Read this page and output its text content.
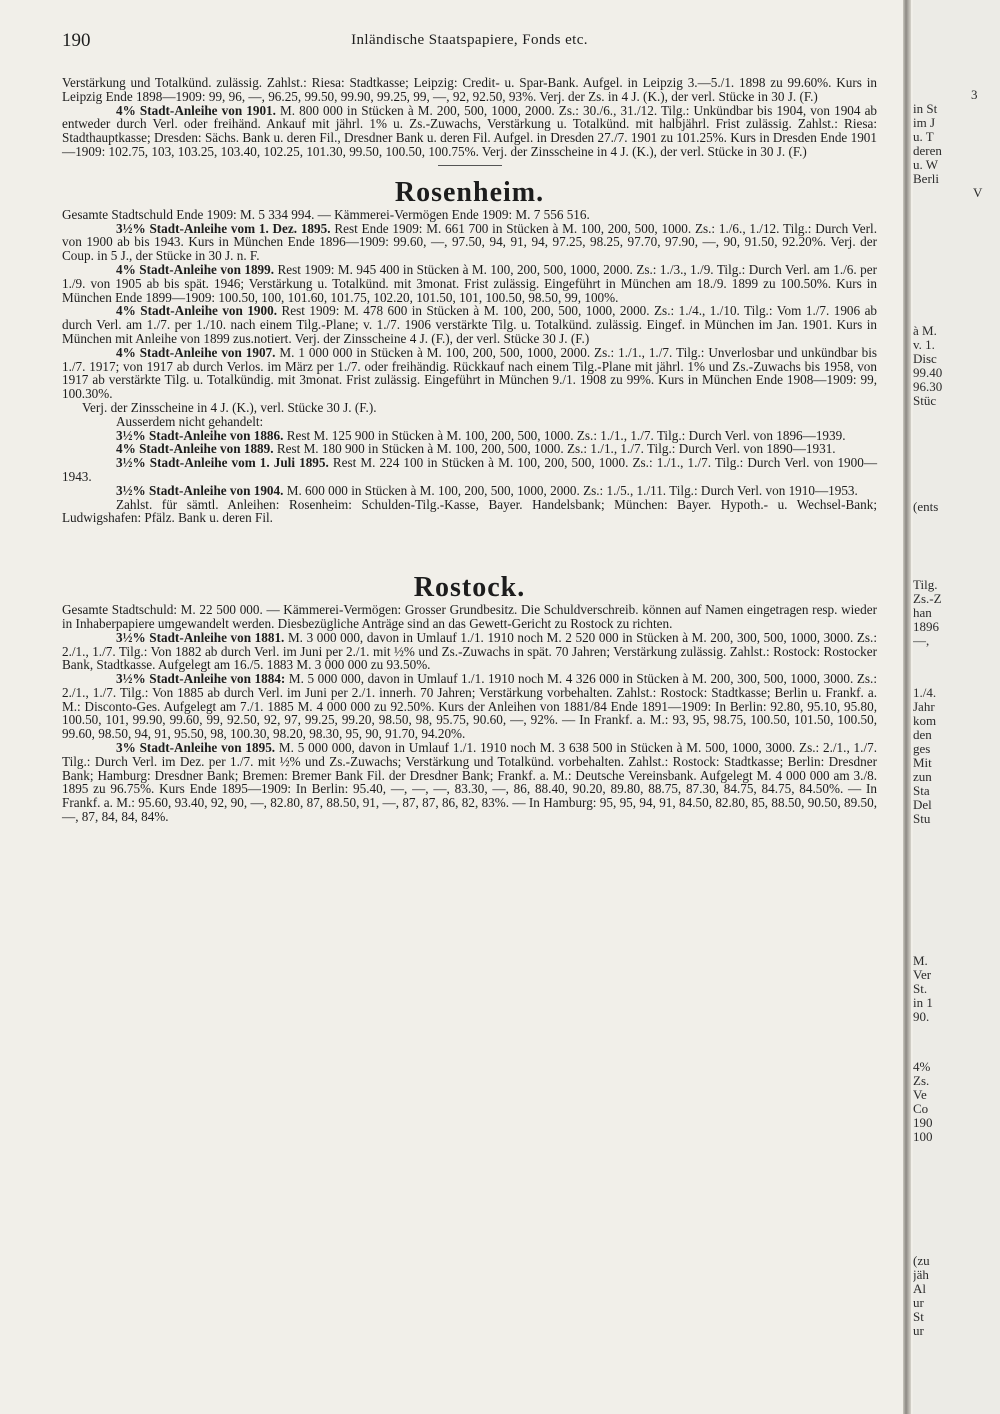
190	Inländische Staatspapiere, Fonds etc.

Verstärkung und Totalkünd. zulässig. Zahlst.: Riesa: Stadtkasse; Leipzig: Credit- u. Spar-Bank. Aufgel. in Leipzig 3.—5./1. 1898 zu 99.60%. Kurs in Leipzig Ende 1898—1909: 99, 96, —, 96.25, 99.50, 99.90, 99.25, 99, —, 92, 92.50, 93%. Verj. der Zs. in 4 J. (K.), der verl. Stücke in 30 J. (F.)

4% Stadt-Anleihe von 1901. M. 800 000 in Stücken à M. 200, 500, 1000, 2000. Zs.: 30./6., 31./12. Tilg.: Unkündbar bis 1904, von 1904 ab entweder durch Verl. oder freihänd. Ankauf mit jährl. 1% u. Zs.-Zuwachs, Verstärkung u. Totalkünd. mit halbjährl. Frist zulässig. Zahlst.: Riesa: Stadthauptkasse; Dresden: Sächs. Bank u. deren Fil., Dresdner Bank u. deren Fil. Aufgel. in Dresden 27./7. 1901 zu 101.25%. Kurs in Dresden Ende 1901—1909: 102.75, 103, 103.25, 103.40, 102.25, 101.30, 99.50, 100.50, 100.75%. Verj. der Zinsscheine in 4 J. (K.), der verl. Stücke in 30 J. (F.)

Rosenheim.

Gesamte Stadtschuld Ende 1909: M. 5 334 994. — Kämmerei-Vermögen Ende 1909: M. 7 556 516.

3½% Stadt-Anleihe vom 1. Dez. 1895. Rest Ende 1909: M. 661 700 in Stücken à M. 100, 200, 500, 1000. Zs.: 1./6., 1./12. Tilg.: Durch Verl. von 1900 ab bis 1943. Kurs in München Ende 1896—1909: 99.60, —, 97.50, 94, 91, 94, 97.25, 98.25, 97.70, 97.90, —, 90, 91.50, 92.20%. Verj. der Coup. in 5 J., der Stücke in 30 J. n. F.

4% Stadt-Anleihe von 1899. Rest 1909: M. 945 400 in Stücken à M. 100, 200, 500, 1000, 2000. Zs.: 1./3., 1./9. Tilg.: Durch Verl. am 1./6. per 1./9. von 1905 ab bis spät. 1946; Verstärkung u. Totalkünd. mit 3monat. Frist zulässig. Eingeführt in München am 18./9. 1899 zu 100.50%. Kurs in München Ende 1899—1909: 100.50, 100, 101.60, 101.75, 102.20, 101.50, 101, 100.50, 98.50, 99, 100%.

4% Stadt-Anleihe von 1900. Rest 1909: M. 478 600 in Stücken à M. 100, 200, 500, 1000, 2000. Zs.: 1./4., 1./10. Tilg.: Vom 1./7. 1906 ab durch Verl. am 1./7. per 1./10. nach einem Tilg.-Plane; v. 1./7. 1906 verstärkte Tilg. u. Totalkünd. zulässig. Eingef. in München im Jan. 1901. Kurs in München mit Anleihe von 1899 zus.notiert. Verj. der Zinsscheine 4 J. (F.), der verl. Stücke 30 J. (F.)

4% Stadt-Anleihe von 1907. M. 1 000 000 in Stücken à M. 100, 200, 500, 1000, 2000. Zs.: 1./1., 1./7. Tilg.: Unverlosbar und unkündbar bis 1./7. 1917; von 1917 ab durch Verlos. im März per 1./7. oder freihändig. Rückkauf nach einem Tilg.-Plane mit jährl. 1% und Zs.-Zuwachs bis 1958, von 1917 ab verstärkte Tilg. u. Totalkündig. mit 3monat. Frist zulässig. Eingeführt in München 9./1. 1908 zu 99%. Kurs in München Ende 1908—1909: 99, 100.30%.

Verj. der Zinsscheine in 4 J. (K.), verl. Stücke 30 J. (F.).

Ausserdem nicht gehandelt:

3½% Stadt-Anleihe von 1886. Rest M. 125 900 in Stücken à M. 100, 200, 500, 1000. Zs.: 1./1., 1./7. Tilg.: Durch Verl. von 1896—1939.

4% Stadt-Anleihe von 1889. Rest M. 180 900 in Stücken à M. 100, 200, 500, 1000. Zs.: 1./1., 1./7. Tilg.: Durch Verl. von 1890—1931.

3½% Stadt-Anleihe vom 1. Juli 1895. Rest M. 224 100 in Stücken à M. 100, 200, 500, 1000. Zs.: 1./1., 1./7. Tilg.: Durch Verl. von 1900—1943.

3½% Stadt-Anleihe von 1904. M. 600 000 in Stücken à M. 100, 200, 500, 1000, 2000. Zs.: 1./5., 1./11. Tilg.: Durch Verl. von 1910—1953.

Zahlst. für sämtl. Anleihen: Rosenheim: Schulden-Tilg.-Kasse, Bayer. Handelsbank; München: Bayer. Hypoth.- u. Wechsel-Bank; Ludwigshafen: Pfälz. Bank u. deren Fil.

Rostock.

Gesamte Stadtschuld: M. 22 500 000. — Kämmerei-Vermögen: Grosser Grundbesitz. Die Schuldverschreib. können auf Namen eingetragen resp. wieder in Inhaberpapiere umgewandelt werden. Diesbezügliche Anträge sind an das Gewett-Gericht zu Rostock zu richten.

3½% Stadt-Anleihe von 1881. M. 3 000 000, davon in Umlauf 1./1. 1910 noch M. 2 520 000 in Stücken à M. 200, 300, 500, 1000, 3000. Zs.: 2./1., 1./7. Tilg.: Von 1882 ab durch Verl. im Juni per 2./1. mit ½% und Zs.-Zuwachs in spät. 70 Jahren; Verstärkung zulässig. Zahlst.: Rostock: Rostocker Bank, Stadtkasse. Aufgelegt am 16./5. 1883 M. 3 000 000 zu 93.50%.

3½% Stadt-Anleihe von 1884: M. 5 000 000, davon in Umlauf 1./1. 1910 noch M. 4 326 000 in Stücken à M. 200, 300, 500, 1000, 3000. Zs.: 2./1., 1./7. Tilg.: Von 1885 ab durch Verl. im Juni per 2./1. innerh. 70 Jahren; Verstärkung vorbehalten. Zahlst.: Rostock: Stadtkasse; Berlin u. Frankf. a. M.: Disconto-Ges. Aufgelegt am 7./1. 1885 M. 4 000 000 zu 92.50%. Kurs der Anleihen von 1881/84 Ende 1891—1909: In Berlin: 92.80, 95.10, 95.80, 100.50, 101, 99.90, 99.60, 99, 92.50, 92, 97, 99.25, 99.20, 98.50, 98, 95.75, 90.60, —, 92%. — In Frankf. a. M.: 93, 95, 98.75, 100.50, 101.50, 100.50, 99.60, 98.50, 94, 91, 95.50, 98, 100.30, 98.20, 98.30, 95, 90, 91.70, 94.20%.

3% Stadt-Anleihe von 1895. M. 5 000 000, davon in Umlauf 1./1. 1910 noch M. 3 638 500 in Stücken à M. 500, 1000, 3000. Zs.: 2./1., 1./7. Tilg.: Durch Verl. im Dez. per 1./7. mit ½% und Zs.-Zuwachs; Verstärkung und Totalkünd. vorbehalten. Zahlst.: Rostock: Stadtkasse; Berlin: Dresdner Bank; Hamburg: Dresdner Bank; Bremen: Bremer Bank Fil. der Dresdner Bank; Frankf. a. M.: Deutsche Vereinsbank. Aufgelegt M. 4 000 000 am 3./8. 1895 zu 96.75%. Kurs Ende 1895—1909: In Berlin: 95.40, —, —, —, 83.30, —, 86, 88.40, 90.20, 89.80, 88.75, 87.30, 84.75, 84.75, 84.50%. — In Frankf. a. M.: 95.60, 93.40, 92, 90, —, 82.80, 87, 88.50, 91, —, 87, 87, 86, 82, 83%. — In Hamburg: 95, 95, 94, 91, 84.50, 82.80, 85, 88.50, 90.50, 89.50, —, 87, 84, 84, 84%.

3
in St
im J
u. T
deren
u. W
Berli
V
à M.
v. 1.
Disc
99.40
96.30
Stüc
(ents
Tilg.
Zs.-Z
han
1896
—,
1./4.
Jahr
kom
den
ges
Mit
zun
Sta
Del
Stu
M.
Ver
St.
in 1
90.
4%
Zs.
Ve
Co
190
100
(zu
jäh
Al
ur
St
ur
